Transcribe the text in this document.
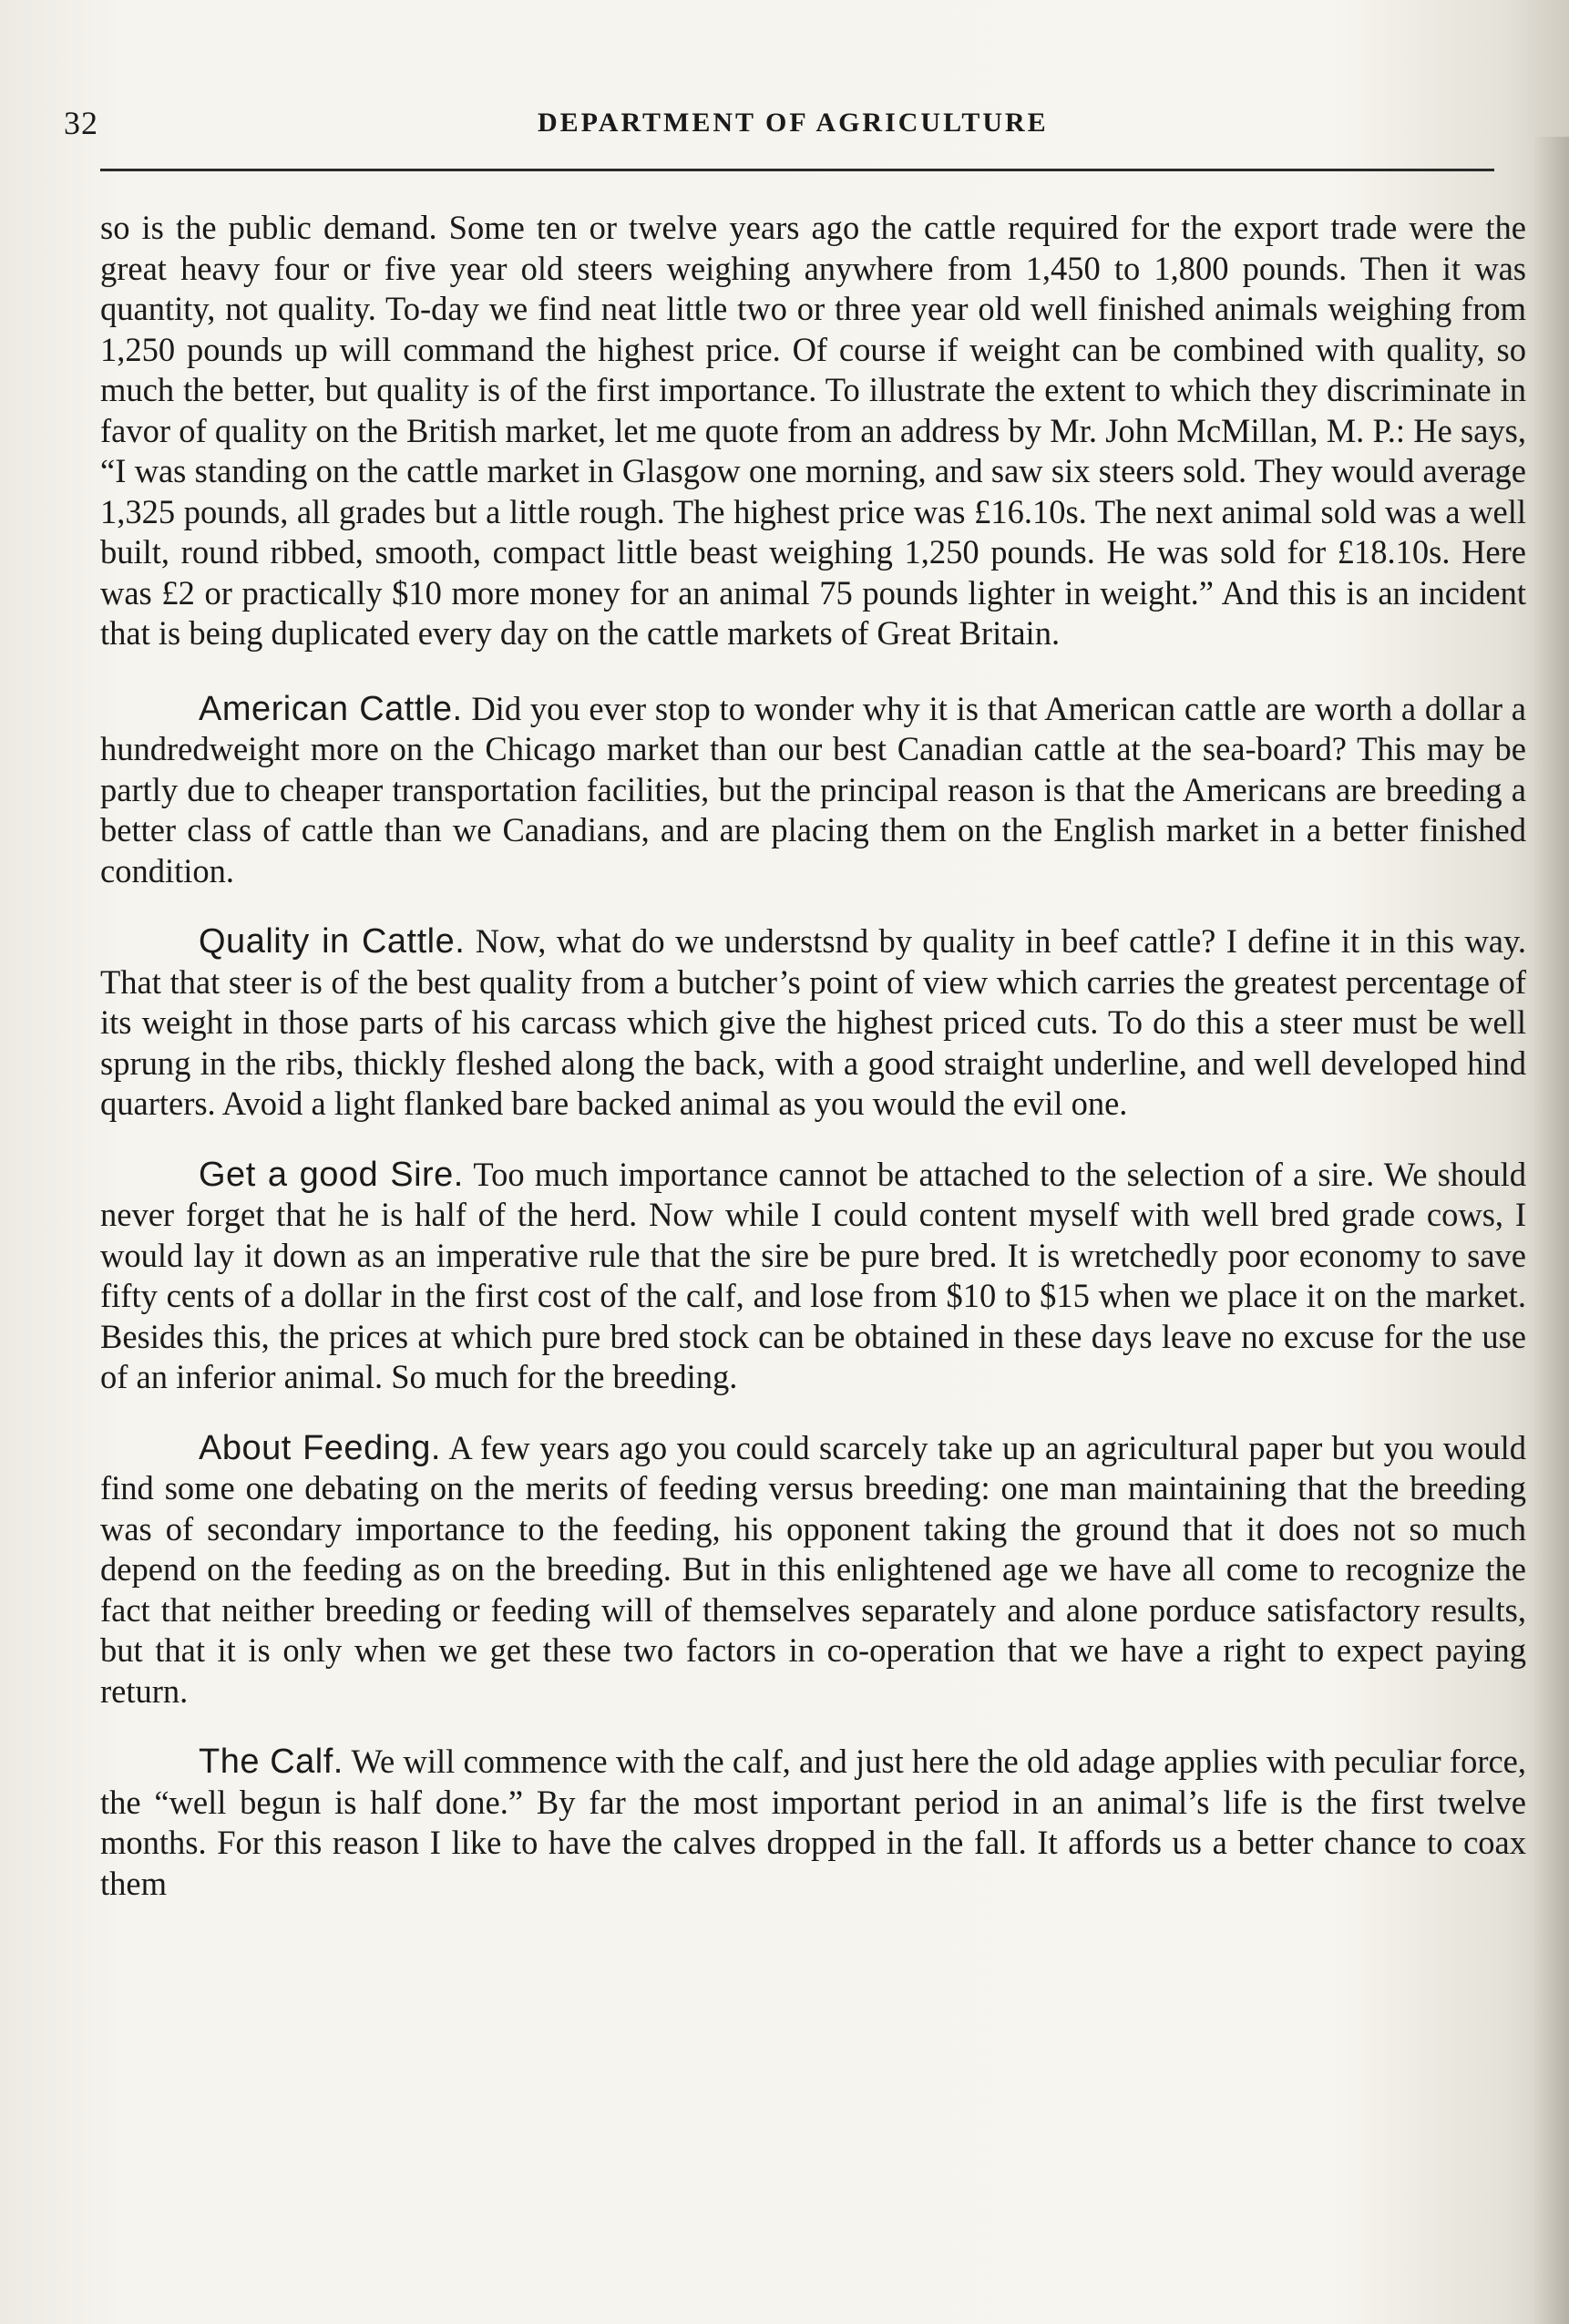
32	DEPARTMENT OF AGRICULTURE

so is the public demand. Some ten or twelve years ago the cattle required for the export trade were the great heavy four or five year old steers weighing anywhere from 1,450 to 1,800 pounds. Then it was quantity, not quality. To-day we find neat little two or three year old well finished animals weighing from 1,250 pounds up will command the highest price. Of course if weight can be combined with quality, so much the better, but quality is of the first importance. To illustrate the extent to which they discriminate in favor of quality on the British market, let me quote from an address by Mr. John McMillan, M. P.: He says, “I was standing on the cattle market in Glasgow one morning, and saw six steers sold. They would average 1,325 pounds, all grades but a little rough. The highest price was £16.10s. The next animal sold was a well built, round ribbed, smooth, compact little beast weighing 1,250 pounds. He was sold for £18.10s. Here was £2 or practically $10 more money for an animal 75 pounds lighter in weight.” And this is an incident that is being duplicated every day on the cattle markets of Great Britain.

American Cattle. Did you ever stop to wonder why it is that American cattle are worth a dollar a hundredweight more on the Chicago market than our best Canadian cattle at the sea-board? This may be partly due to cheaper transportation facilities, but the principal reason is that the Americans are breeding a better class of cattle than we Canadians, and are placing them on the English market in a better finished condition.

Quality in Cattle. Now, what do we understsnd by quality in beef cattle? I define it in this way. That that steer is of the best quality from a butcher’s point of view which carries the greatest percentage of its weight in those parts of his carcass which give the highest priced cuts. To do this a steer must be well sprung in the ribs, thickly fleshed along the back, with a good straight underline, and well developed hind quarters. Avoid a light flanked bare backed animal as you would the evil one.

Get a good Sire. Too much importance cannot be attached to the selection of a sire. We should never forget that he is half of the herd. Now while I could content myself with well bred grade cows, I would lay it down as an imperative rule that the sire be pure bred. It is wretchedly poor economy to save fifty cents of a dollar in the first cost of the calf, and lose from $10 to $15 when we place it on the market. Besides this, the prices at which pure bred stock can be obtained in these days leave no excuse for the use of an inferior animal. So much for the breeding.

About Feeding. A few years ago you could scarcely take up an agricultural paper but you would find some one debating on the merits of feeding versus breeding: one man maintaining that the breeding was of secondary importance to the feeding, his opponent taking the ground that it does not so much depend on the feeding as on the breeding. But in this enlightened age we have all come to recognize the fact that neither breeding or feeding will of themselves separately and alone porduce satisfactory results, but that it is only when we get these two factors in co-operation that we have a right to expect paying return.

The Calf. We will commence with the calf, and just here the old adage applies with peculiar force, the “well begun is half done.” By far the most important period in an animal’s life is the first twelve months. For this reason I like to have the calves dropped in the fall. It affords us a better chance to coax them
